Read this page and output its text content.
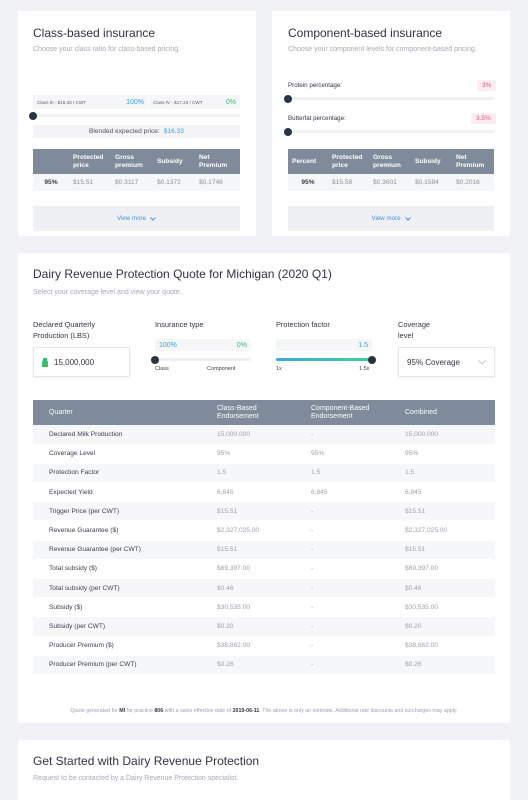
Class-based insurance
Choose your class ratio for class-based pricing.
Class III - $16.33 / CWT	100% Class IV - $17.23 / CWT	0%
Blended expected price: $16.33
	Protected price	Gross premium	Subsidy	Net Premium
95%	$15.51	$0.3117	$0.1372	$0.1746
View more
Component-based insurance
Choose your component levels for component-based pricing.
Protein percentage:	3%
Butterfat percentage:	3.5%
Percent	Protected price	Gross premium	Subsidy	Net Premium
95%	$15.58	$0.3601	$0.1584	$0.2016
View more
Dairy Revenue Protection Quote for Michigan (2020 Q1)
Select your coverage level and view your quote.
Declared Quarterly Production (LBS)
15,000,000
Insurance type
100%	0%
Class	Component
Protection factor
1.5
1x	1.5x
Coverage level
95% Coverage
Quarter	Class-Based Endorsement	Component-Based Endorsement	Combined
Declared Milk Production	15,000,000	-	15,000,000
Coverage Level	95%	95%	95%
Protection Factor	1.5	1.5	1.5
Expected Yield	6,845	6,845	6,845
Trigger Price (per CWT)	$15.51	-	$15.51
Revenue Guarantee ($)	$2,327,025.00	-	$2,327,025.00
Revenue Guarantee (per CWT)	$15.51	-	$15.51
Total subsidy ($)	$69,397.00	-	$69,397.00
Total subsidy (per CWT)	$0.46	-	$0.46
Subsidy ($)	$30,535.00	-	$30,535.00
Subsidy (per CWT)	$0.20	-	$0.20
Producer Premium ($)	$38,862.00	-	$38,862.00
Producer Premium (per CWT)	$0.26	-	$0.26
Quote generated for MI for practice 806 with a sales effective date of 2019-06-11. The above is only an estimate. Additional rate discounts and surcharges may apply.
Get Started with Dairy Revenue Protection
Request to be contacted by a Dairy Revenue Protection specialist.
